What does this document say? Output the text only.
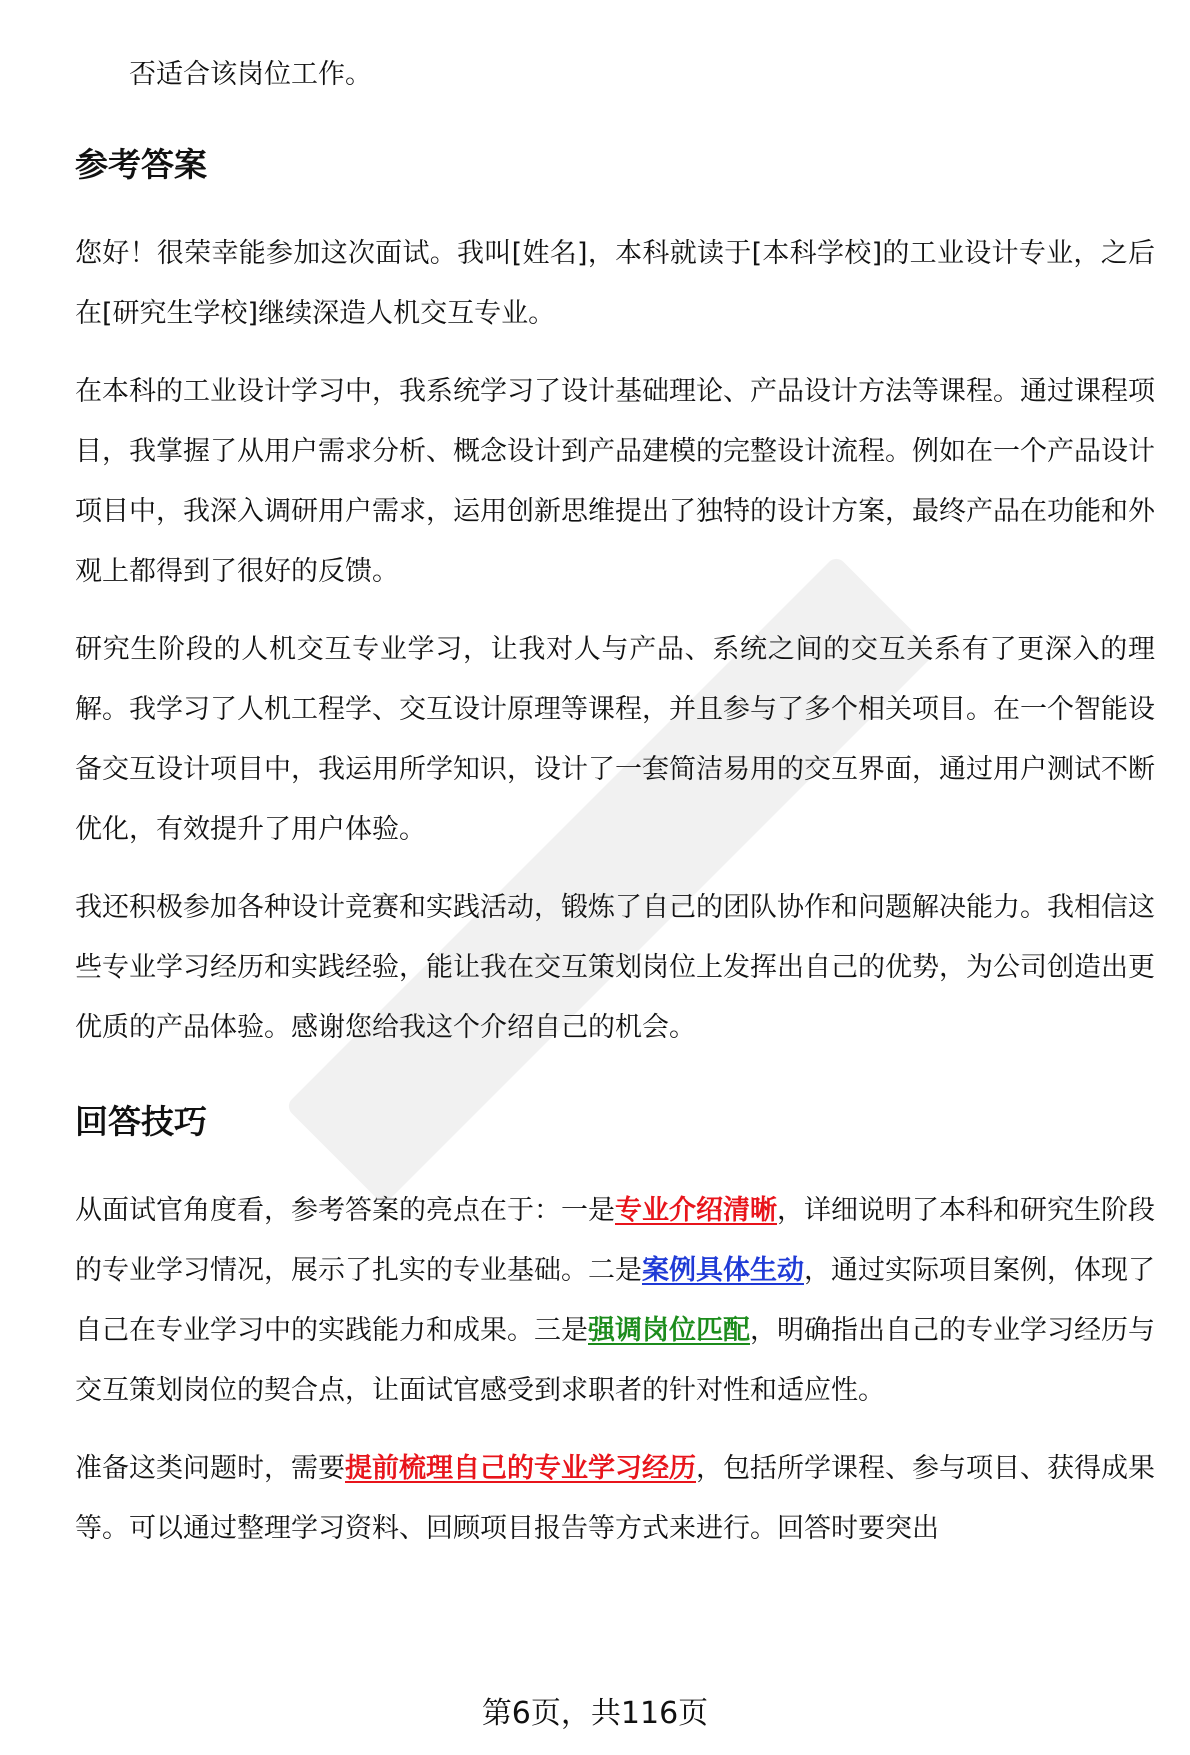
否适合该岗位工作。

参考答案

您好！很荣幸能参加这次面试。我叫[姓名]，本科就读于[本科学校]的工业设计专业，之后在[研究生学校]继续深造人机交互专业。

在本科的工业设计学习中，我系统学习了设计基础理论、产品设计方法等课程。通过课程项目，我掌握了从用户需求分析、概念设计到产品建模的完整设计流程。例如在一个产品设计项目中，我深入调研用户需求，运用创新思维提出了独特的设计方案，最终产品在功能和外观上都得到了很好的反馈。

研究生阶段的人机交互专业学习，让我对人与产品、系统之间的交互关系有了更深入的理解。我学习了人机工程学、交互设计原理等课程，并且参与了多个相关项目。在一个智能设备交互设计项目中，我运用所学知识，设计了一套简洁易用的交互界面，通过用户测试不断优化，有效提升了用户体验。

我还积极参加各种设计竞赛和实践活动，锻炼了自己的团队协作和问题解决能力。我相信这些专业学习经历和实践经验，能让我在交互策划岗位上发挥出自己的优势，为公司创造出更优质的产品体验。感谢您给我这个介绍自己的机会。

回答技巧

从面试官角度看，参考答案的亮点在于：一是专业介绍清晰，详细说明了本科和研究生阶段的专业学习情况，展示了扎实的专业基础。二是案例具体生动，通过实际项目案例，体现了自己在专业学习中的实践能力和成果。三是强调岗位匹配，明确指出自己的专业学习经历与交互策划岗位的契合点，让面试官感受到求职者的针对性和适应性。

准备这类问题时，需要提前梳理自己的专业学习经历，包括所学课程、参与项目、获得成果等。可以通过整理学习资料、回顾项目报告等方式来进行。回答时要突出

第6页，共116页
